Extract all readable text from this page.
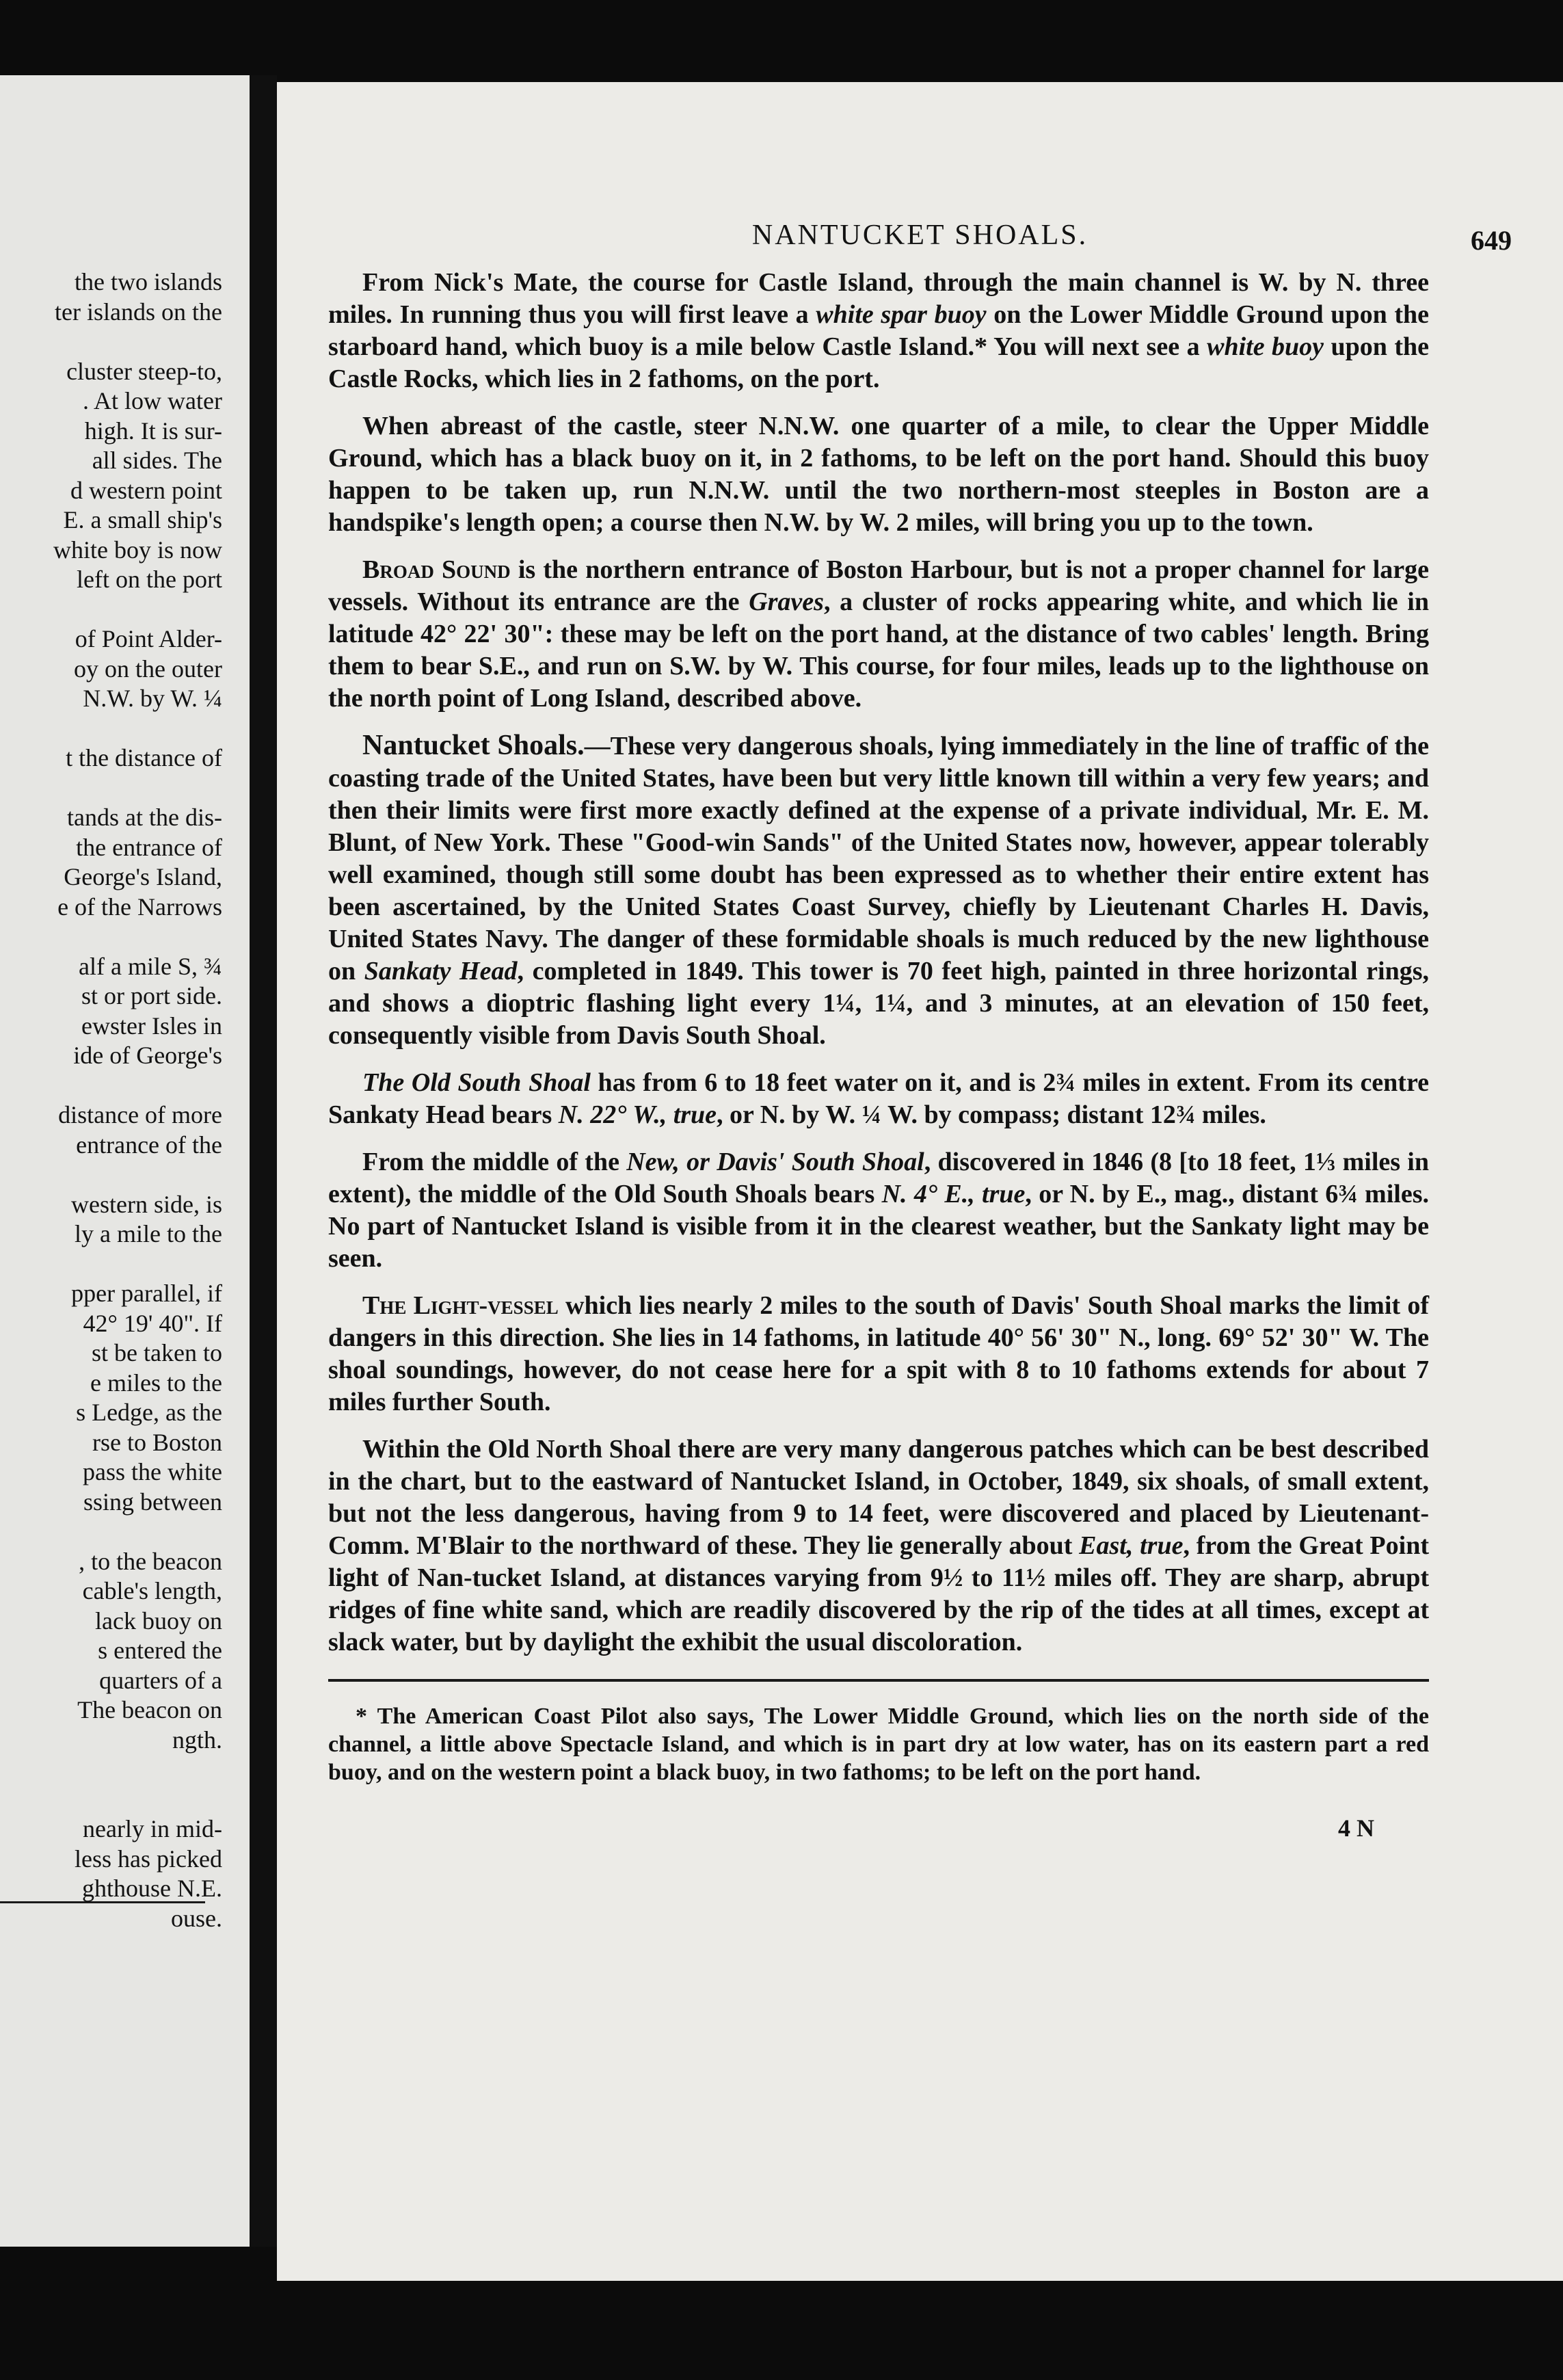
the two islands
ter islands on the
cluster steep-to,
. At low water
high. It is sur-
all sides. The
d western point
E. a small ship's
white boy is now
left on the port
of Point Alder-
oy on the outer
N.W. by W. ¼
t the distance of
tands at the dis-
the entrance of
George's Island,
e of the Narrows
alf a mile S, ¾
st or port side.
ewster Isles in
ide of George's
distance of more
entrance of the
western side, is
ly a mile to the
pper parallel, if
42° 19' 40". If
st be taken to
e miles to the
s Ledge, as the
rse to Boston
pass the white
ssing between
, to the beacon
cable's length,
lack buoy on
s entered the
quarters of a
The beacon on
ngth.
nearly in mid-
less has picked
ghthouse N.E.
ouse.
NANTUCKET SHOALS.	649

From Nick's Mate, the course for Castle Island, through the main channel is W. by N. three miles. In running thus you will first leave a white spar buoy on the Lower Middle Ground upon the starboard hand, which buoy is a mile below Castle Island.* You will next see a white buoy upon the Castle Rocks, which lies in 2 fathoms, on the port.

When abreast of the castle, steer N.N.W. one quarter of a mile, to clear the Upper Middle Ground, which has a black buoy on it, in 2 fathoms, to be left on the port hand. Should this buoy happen to be taken up, run N.N.W. until the two northern-most steeples in Boston are a handspike's length open; a course then N.W. by W. 2 miles, will bring you up to the town.

Broad Sound is the northern entrance of Boston Harbour, but is not a proper channel for large vessels. Without its entrance are the Graves, a cluster of rocks appearing white, and which lie in latitude 42° 22' 30": these may be left on the port hand, at the distance of two cables' length. Bring them to bear S.E., and run on S.W. by W. This course, for four miles, leads up to the lighthouse on the north point of Long Island, described above.

Nantucket Shoals.—These very dangerous shoals, lying immediately in the line of traffic of the coasting trade of the United States, have been but very little known till within a very few years; and then their limits were first more exactly defined at the expense of a private individual, Mr. E. M. Blunt, of New York. These "Good-win Sands" of the United States now, however, appear tolerably well examined, though still some doubt has been expressed as to whether their entire extent has been ascertained, by the United States Coast Survey, chiefly by Lieutenant Charles H. Davis, United States Navy. The danger of these formidable shoals is much reduced by the new lighthouse on Sankaty Head, completed in 1849. This tower is 70 feet high, painted in three horizontal rings, and shows a dioptric flashing light every 1¼, 1¼, and 3 minutes, at an elevation of 150 feet, consequently visible from Davis South Shoal.

The Old South Shoal has from 6 to 18 feet water on it, and is 2¾ miles in extent. From its centre Sankaty Head bears N. 22° W., true, or N. by W. ¼ W. by compass; distant 12¾ miles.

From the middle of the New, or Davis' South Shoal, discovered in 1846 (8 [to 18 feet, 1⅓ miles in extent), the middle of the Old South Shoals bears N. 4° E., true, or N. by E., mag., distant 6¾ miles. No part of Nantucket Island is visible from it in the clearest weather, but the Sankaty light may be seen.

The Light-vessel which lies nearly 2 miles to the south of Davis' South Shoal marks the limit of dangers in this direction. She lies in 14 fathoms, in latitude 40° 56' 30" N., long. 69° 52' 30" W. The shoal soundings, however, do not cease here for a spit with 8 to 10 fathoms extends for about 7 miles further South.

Within the Old North Shoal there are very many dangerous patches which can be best described in the chart, but to the eastward of Nantucket Island, in October, 1849, six shoals, of small extent, but not the less dangerous, having from 9 to 14 feet, were discovered and placed by Lieutenant-Comm. M'Blair to the northward of these. They lie generally about East, true, from the Great Point light of Nan-tucket Island, at distances varying from 9½ to 11½ miles off. They are sharp, abrupt ridges of fine white sand, which are readily discovered by the rip of the tides at all times, except at slack water, but by daylight the exhibit the usual discoloration.

* The American Coast Pilot also says, The Lower Middle Ground, which lies on the north side of the channel, a little above Spectacle Island, and which is in part dry at low water, has on its eastern part a red buoy, and on the western point a black buoy, in two fathoms; to be left on the port hand.

4 N
